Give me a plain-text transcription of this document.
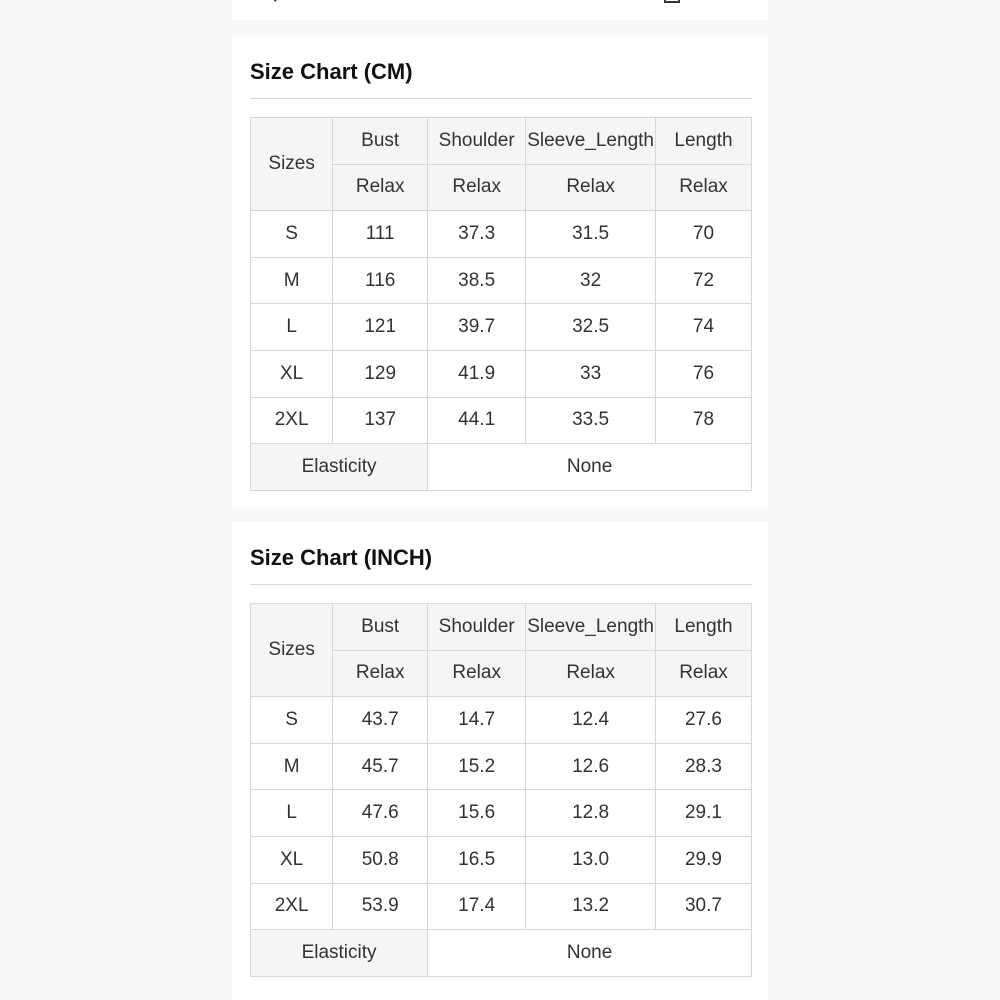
Size Chart (CM)
Sizes	Bust	Shoulder	Sleeve_Length	Length
	Relax	Relax	Relax	Relax
S	111	37.3	31.5	70
M	116	38.5	32	72
L	121	39.7	32.5	74
XL	129	41.9	33	76
2XL	137	44.1	33.5	78
Elasticity		None		
Size Chart (INCH)
Sizes	Bust	Shoulder	Sleeve_Length	Length
	Relax	Relax	Relax	Relax
S	43.7	14.7	12.4	27.6
M	45.7	15.2	12.6	28.3
L	47.6	15.6	12.8	29.1
XL	50.8	16.5	13.0	29.9
2XL	53.9	17.4	13.2	30.7
Elasticity		None		
